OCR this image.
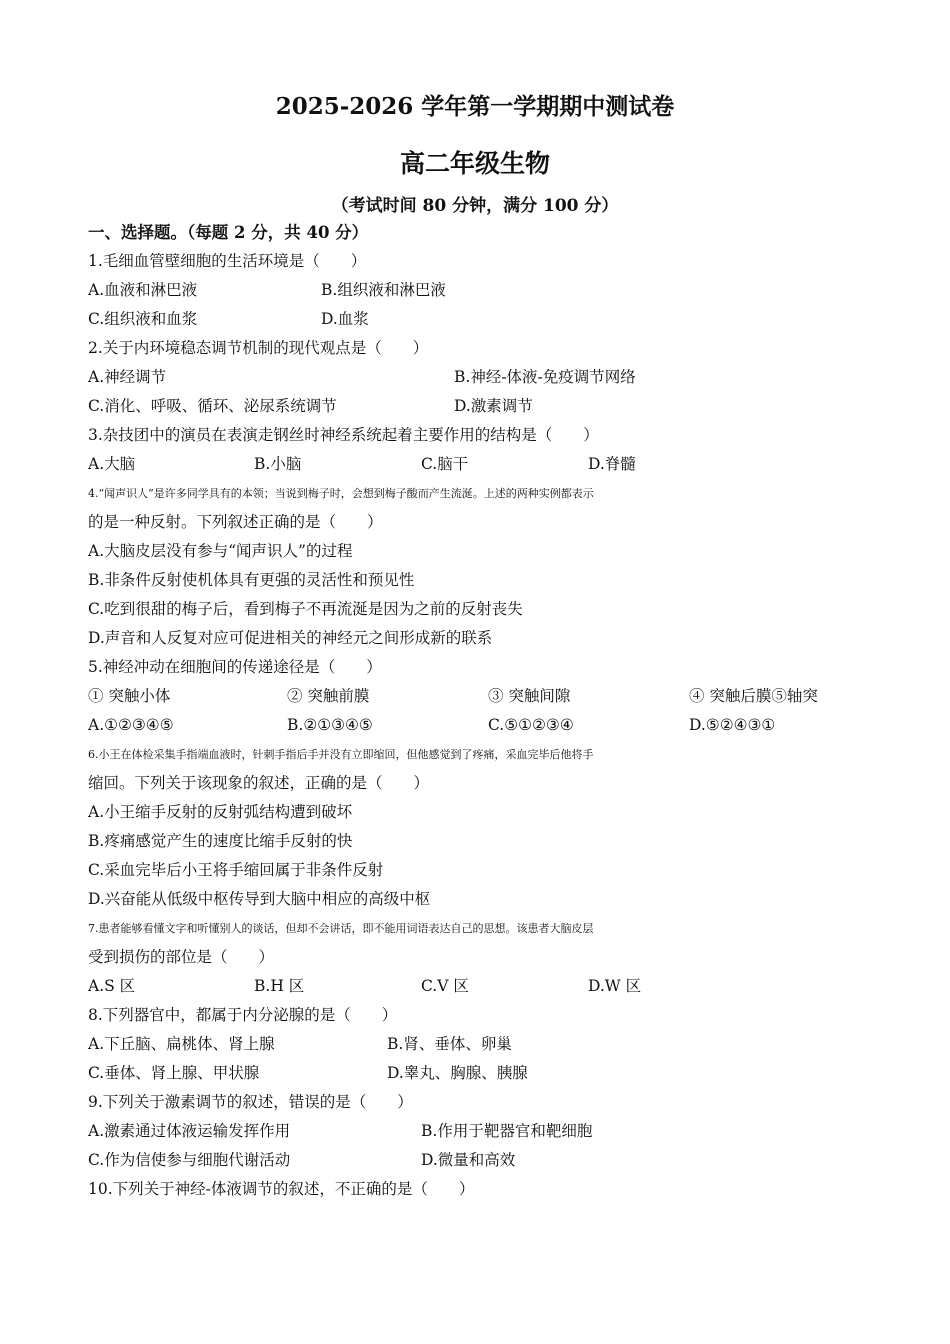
2025-2026 学年第一学期期中测试卷
高二年级生物
（考试时间 80 分钟，满分 100 分）
一、选择题。（每题 2 分，共 40 分）
1.毛细血管壁细胞的生活环境是（　　）
A.血液和淋巴液	B.组织液和淋巴液
C.组织液和血浆	D.血浆
2.关于内环境稳态调节机制的现代观点是（　　）
A.神经调节	B.神经-体液-免疫调节网络
C.消化、呼吸、循环、泌尿系统调节	D.激素调节
3.杂技团中的演员在表演走钢丝时神经系统起着主要作用的结构是（　　）
A.大脑	B.小脑	C.脑干	D.脊髓
4.“闻声识人”是许多同学具有的本领；当说到梅子时，会想到梅子酸而产生流涎。上述的两种实例都表示
的是一种反射。下列叙述正确的是（　　）
A.大脑皮层没有参与“闻声识人”的过程
B.非条件反射使机体具有更强的灵活性和预见性
C.吃到很甜的梅子后，看到梅子不再流涎是因为之前的反射丧失
D.声音和人反复对应可促进相关的神经元之间形成新的联系
5.神经冲动在细胞间的传递途径是（　　）
① 突触小体	② 突触前膜	③ 突触间隙	④ 突触后膜⑤轴突
A.①②③④⑤	B.②①③④⑤	C.⑤①②③④	D.⑤②④③①
6.小王在体检采集手指端血液时，针刺手指后手并没有立即缩回，但他感觉到了疼痛，采血完毕后他将手
缩回。下列关于该现象的叙述，正确的是（　　）
A.小王缩手反射的反射弧结构遭到破坏
B.疼痛感觉产生的速度比缩手反射的快
C.采血完毕后小王将手缩回属于非条件反射
D.兴奋能从低级中枢传导到大脑中相应的高级中枢
7.患者能够看懂文字和听懂别人的谈话，但却不会讲话，即不能用词语表达自己的思想。该患者大脑皮层
受到损伤的部位是（　　）
A.S 区	B.H 区	C.V 区	D.W 区
8.下列器官中，都属于内分泌腺的是（　　）
A.下丘脑、扁桃体、肾上腺	B.肾、垂体、卵巢
C.垂体、肾上腺、甲状腺	D.睾丸、胸腺、胰腺
9.下列关于激素调节的叙述，错误的是（　　）
A.激素通过体液运输发挥作用	B.作用于靶器官和靶细胞
C.作为信使参与细胞代谢活动	D.微量和高效
10.下列关于神经-体液调节的叙述，不正确的是（　　）
